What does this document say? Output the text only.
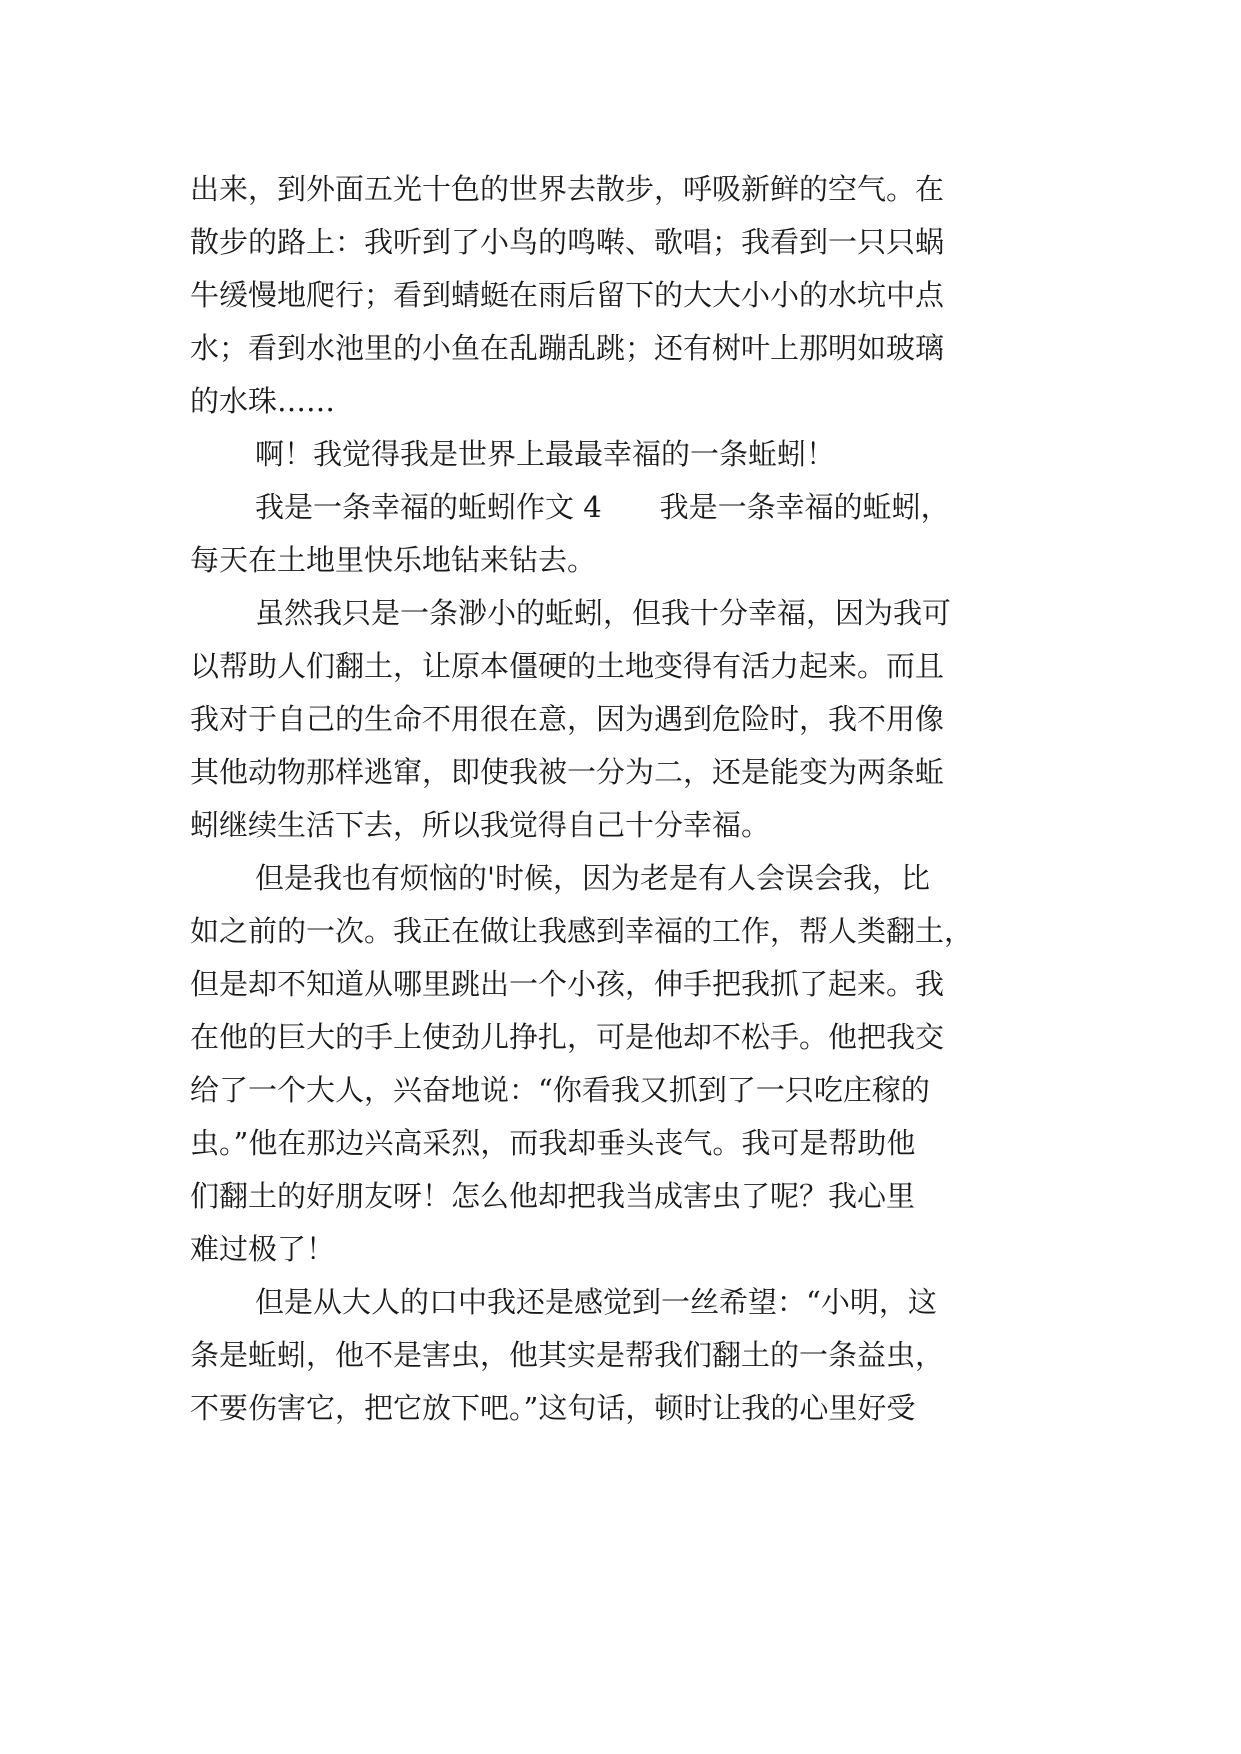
出来，到外面五光十色的世界去散步，呼吸新鲜的空气。在
散步的路上：我听到了小鸟的鸣啭、歌唱；我看到一只只蜗
牛缓慢地爬行；看到蜻蜓在雨后留下的大大小小的水坑中点
水；看到水池里的小鱼在乱蹦乱跳；还有树叶上那明如玻璃
的水珠……
啊！我觉得我是世界上最最幸福的一条蚯蚓！
我是一条幸福的蚯蚓作文 4　　我是一条幸福的蚯蚓，
每天在土地里快乐地钻来钻去。
虽然我只是一条渺小的蚯蚓，但我十分幸福，因为我可
以帮助人们翻土，让原本僵硬的土地变得有活力起来。而且
我对于自己的生命不用很在意，因为遇到危险时，我不用像
其他动物那样逃窜，即使我被一分为二，还是能变为两条蚯
蚓继续生活下去，所以我觉得自己十分幸福。
但是我也有烦恼的'时候，因为老是有人会误会我，比
如之前的一次。我正在做让我感到幸福的工作，帮人类翻土，
但是却不知道从哪里跳出一个小孩，伸手把我抓了起来。我
在他的巨大的手上使劲儿挣扎，可是他却不松手。他把我交
给了一个大人，兴奋地说：“你看我又抓到了一只吃庄稼的
虫。”他在那边兴高采烈，而我却垂头丧气。我可是帮助他
们翻土的好朋友呀！怎么他却把我当成害虫了呢？我心里
难过极了！
但是从大人的口中我还是感觉到一丝希望：“小明，这
条是蚯蚓，他不是害虫，他其实是帮我们翻土的一条益虫，
不要伤害它，把它放下吧。”这句话，顿时让我的心里好受
